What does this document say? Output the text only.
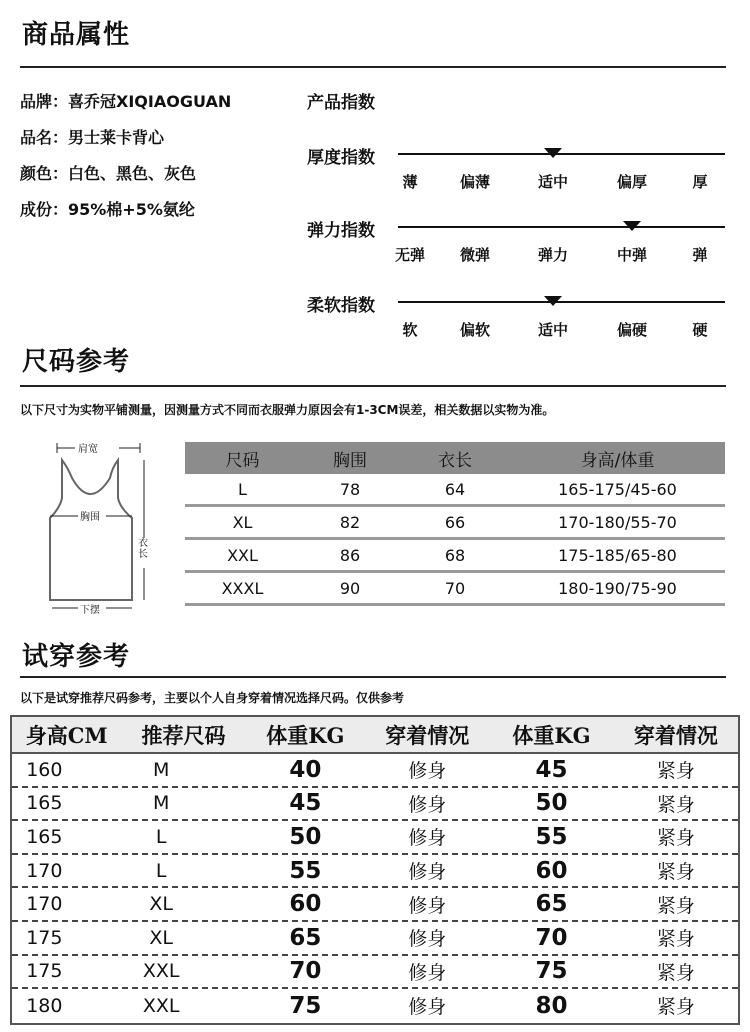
商品属性
品牌：喜乔冠XIQIAOGUAN
品名：男士莱卡背心
颜色：白色、黑色、灰色
成份：95%棉+5%氨纶
产品指数
厚度指数
薄	偏薄	适中	偏厚	厚
弹力指数
无弹 微弹	弹力	中弹	弹
柔软指数
软	偏软	适中	偏硬	硬
尺码参考
以下尺寸为实物平铺测量，因测量方式不同而衣服弹力原因会有1-3CM误差，相关数据以实物为准。
肩宽
胸围
衣长
下摆
尺码	胸围	衣长	身高/体重
L	78	64	165-175/45-60
XL	82	66	170-180/55-70
XXL	86	68	175-185/65-80
XXXL	90	70	180-190/75-90
试穿参考
以下是试穿推荐尺码参考，主要以个人自身穿着情况选择尺码。仅供参考
身高CM	推荐尺码	体重KG	穿着情况	体重KG	穿着情况
160	M	40	修身	45	紧身
165	M	45	修身	50	紧身
165	L	50	修身	55	紧身
170	L	55	修身	60	紧身
170	XL	60	修身	65	紧身
175	XL	65	修身	70	紧身
175	XXL	70	修身	75	紧身
180	XXL	75	修身	80	紧身
